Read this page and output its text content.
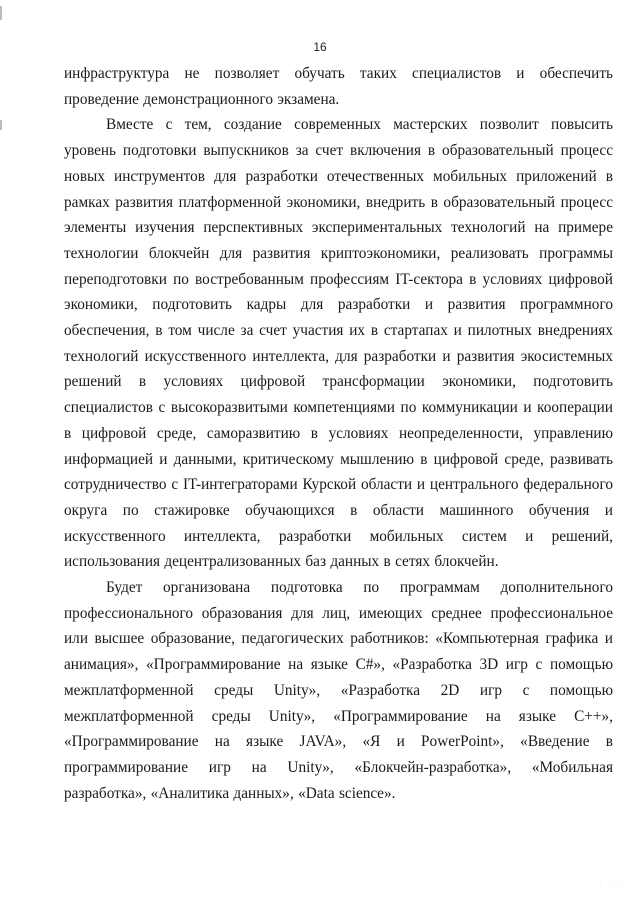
16

инфраструктура не позволяет обучать таких специалистов и обеспечить проведение демонстрационного экзамена.

Вместе с тем, создание современных мастерских позволит повысить уровень подготовки выпускников за счет включения в образовательный процесс новых инструментов для разработки отечественных мобильных приложений в рамках развития платформенной экономики, внедрить в образовательный процесс элементы изучения перспективных экспериментальных технологий на примере технологии блокчейн для развития криптоэкономики, реализовать программы переподготовки по востребованным профессиям IT-сектора в условиях цифровой экономики, подготовить кадры для разработки и развития программного обеспечения, в том числе за счет участия их в стартапах и пилотных внедрениях технологий искусственного интеллекта, для разработки и развития экосистемных решений в условиях цифровой трансформации экономики, подготовить специалистов с высокоразвитыми компетенциями по коммуникации и кооперации в цифровой среде, саморазвитию в условиях неопределенности, управлению информацией и данными, критическому мышлению в цифровой среде, развивать сотрудничество с IT-интеграторами Курской области и центрального федерального округа по стажировке обучающихся в области машинного обучения и искусственного интеллекта, разработки мобильных систем и решений, использования децентрализованных баз данных в сетях блокчейн.

Будет организована подготовка по программам дополнительного профессионального образования для лиц, имеющих среднее профессиональное или высшее образование, педагогических работников: «Компьютерная графика и анимация», «Программирование на языке C#», «Разработка 3D игр с помощью межплатформенной среды Unity», «Разработка 2D игр с помощью межплатформенной среды Unity», «Программирование на языке C++», «Программирование на языке JAVA», «Я и PowerPoint», «Введение в программирование игр на Unity», «Блокчейн-разработка», «Мобильная разработка», «Аналитика данных», «Data science».

· · ·
